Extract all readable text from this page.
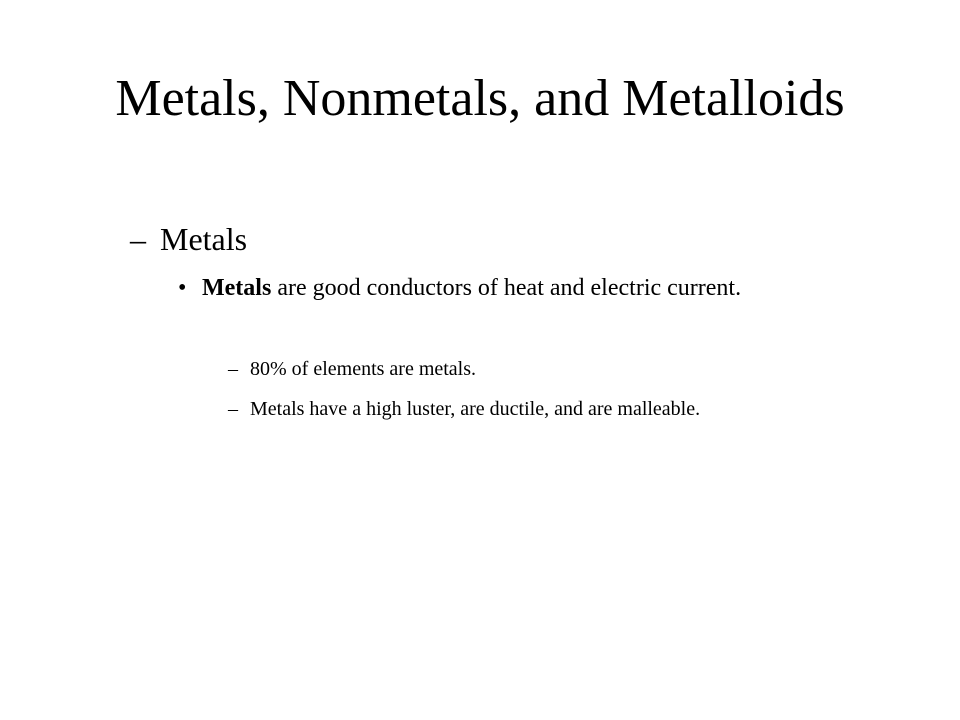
Metals, Nonmetals, and Metalloids
– Metals
• Metals are good conductors of heat and electric current.
– 80% of elements are metals.
– Metals have a high luster, are ductile, and are malleable.
